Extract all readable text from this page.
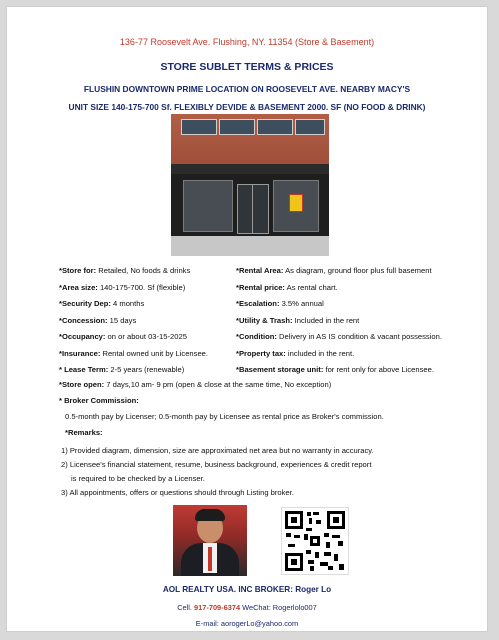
136-77 Roosevelt Ave. Flushing, NY. 11354 (Store & Basement)
STORE SUBLET TERMS & PRICES
FLUSHIN DOWNTOWN PRIME LOCATION ON ROOSEVELT AVE. NEARBY MACY'S
UNIT SIZE 140-175-700 Sf. FLEXIBLY DEVIDE & BASEMENT 2000. SF (NO FOOD & DRINK)
*Store for: Retailed, No foods & drinks
*Area size: 140-175-700. Sf (flexible)
*Security Dep: 4 months
*Concession: 15 days
*Occupancy: on or about 03-15-2025
*Insurance: Rental owned unit by Licensee.
* Lease Term: 2-5 years (renewable)
*Rental Area: As diagram, ground floor plus full basement
*Rental price: As rental chart.
*Escalation: 3.5% annual
*Utility & Trash: Included in the rent
*Condition: Delivery in AS IS condition & vacant possession.
*Property tax: included in the rent.
*Basement storage unit: for rent only for above Licensee.
*Store open: 7 days,10 am- 9 pm (open & close at the same time, No exception)
* Broker Commission:
0.5-month pay by Licenser; 0.5-month pay by Licensee as rental price as Broker's commission.
*Remarks:
1) Provided diagram, dimension, size are approximated net area but no warranty in accuracy.
2) Licensee's financial statement, resume, business background, experiences & credit report
is required to be checked by a Licenser.
3) All appointments, offers or questions should through Listing broker.
AOL REALTY USA. INC BROKER: Roger Lo
Cell. 917-709-6374 WeChat: Rogerlolo007
E-mail: aorogerLo@yahoo.com
